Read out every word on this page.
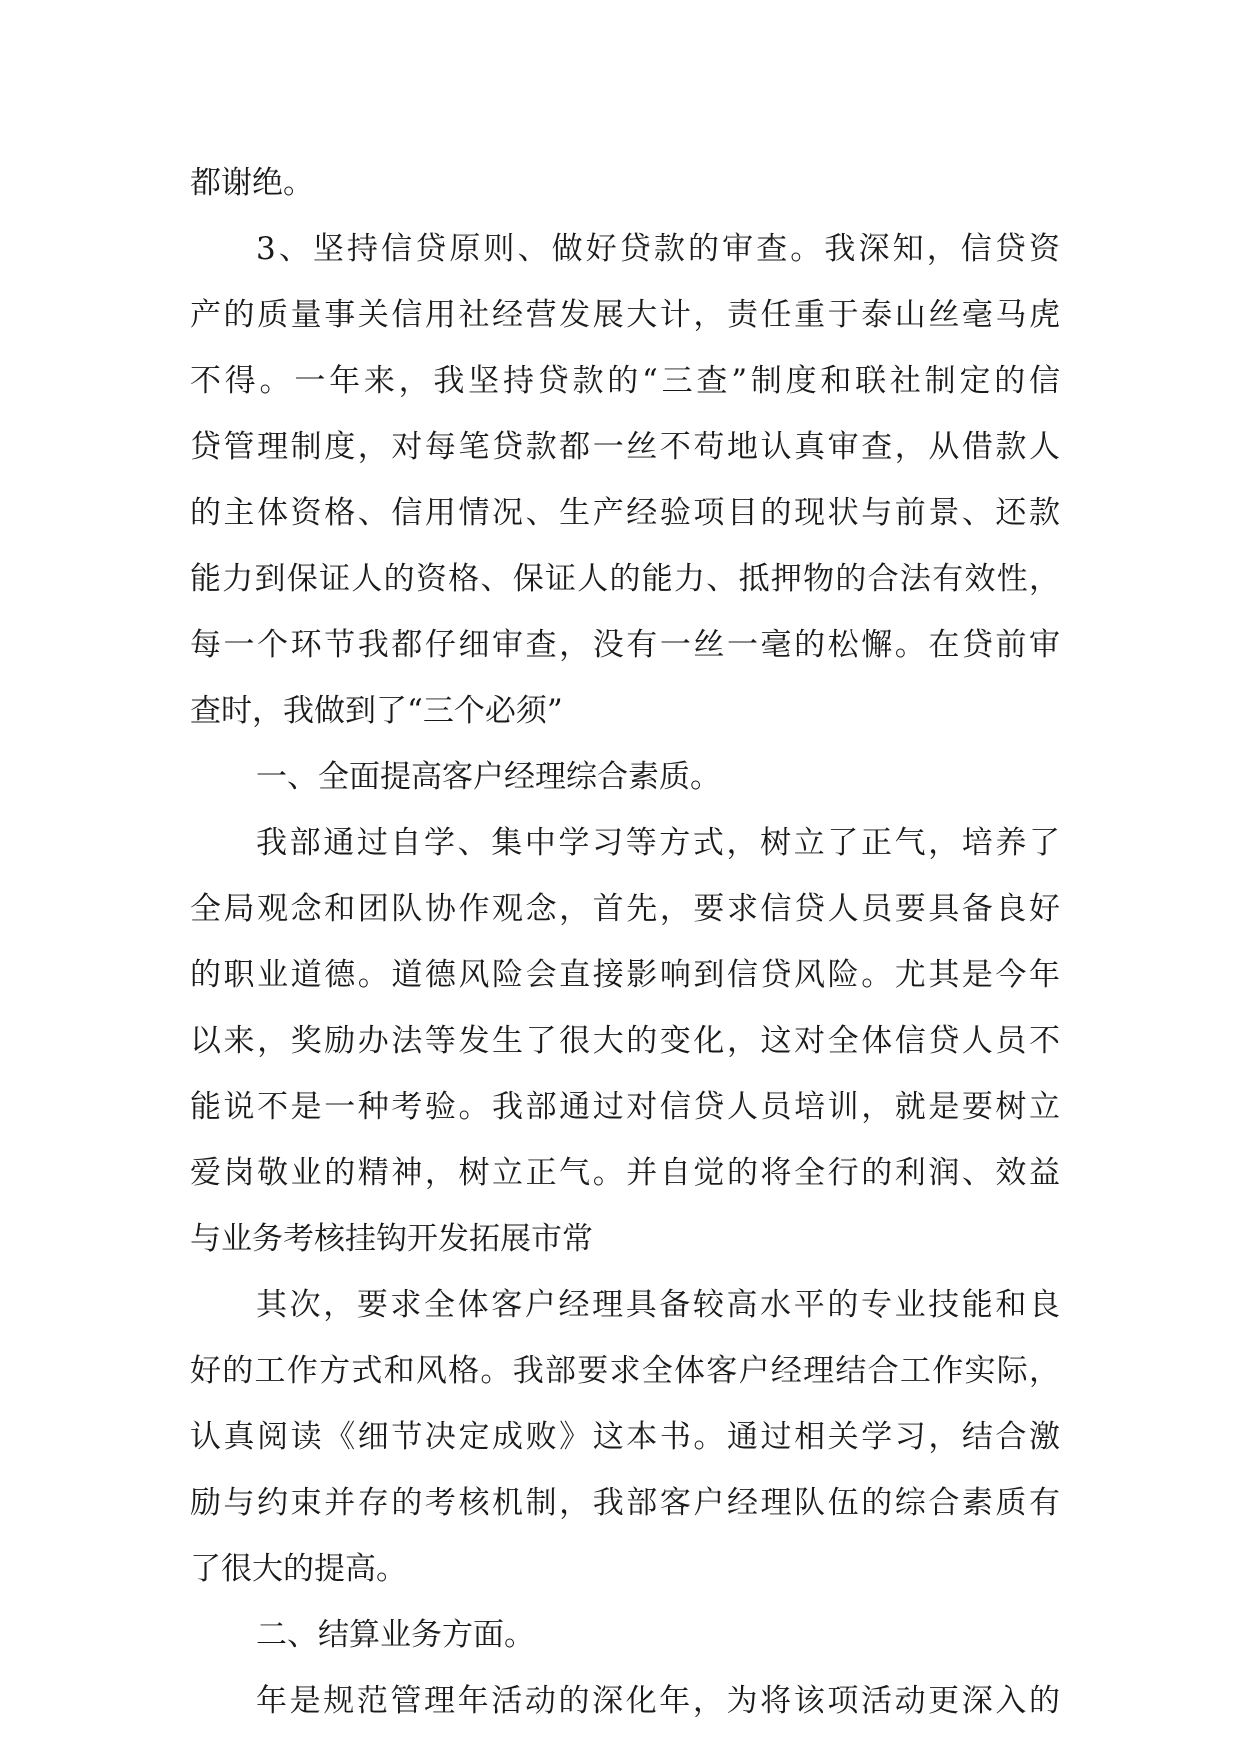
都谢绝。
3、坚持信贷原则、做好贷款的审查。我深知，信贷资
产的质量事关信用社经营发展大计，责任重于泰山丝毫马虎
不得。一年来，我坚持贷款的“三查”制度和联社制定的信
贷管理制度，对每笔贷款都一丝不苟地认真审查，从借款人
的主体资格、信用情况、生产经验项目的现状与前景、还款
能力到保证人的资格、保证人的能力、抵押物的合法有效性，
每一个环节我都仔细审查，没有一丝一毫的松懈。在贷前审
查时，我做到了“三个必须”
一、全面提高客户经理综合素质。
我部通过自学、集中学习等方式，树立了正气，培养了
全局观念和团队协作观念，首先，要求信贷人员要具备良好
的职业道德。道德风险会直接影响到信贷风险。尤其是今年
以来，奖励办法等发生了很大的变化，这对全体信贷人员不
能说不是一种考验。我部通过对信贷人员培训，就是要树立
爱岗敬业的精神，树立正气。并自觉的将全行的利润、效益
与业务考核挂钩开发拓展市常
其次，要求全体客户经理具备较高水平的专业技能和良
好的工作方式和风格。我部要求全体客户经理结合工作实际，
认真阅读《细节决定成败》这本书。通过相关学习，结合激
励与约束并存的考核机制，我部客户经理队伍的综合素质有
了很大的提高。
二、结算业务方面。
年是规范管理年活动的深化年，为将该项活动更深入的
